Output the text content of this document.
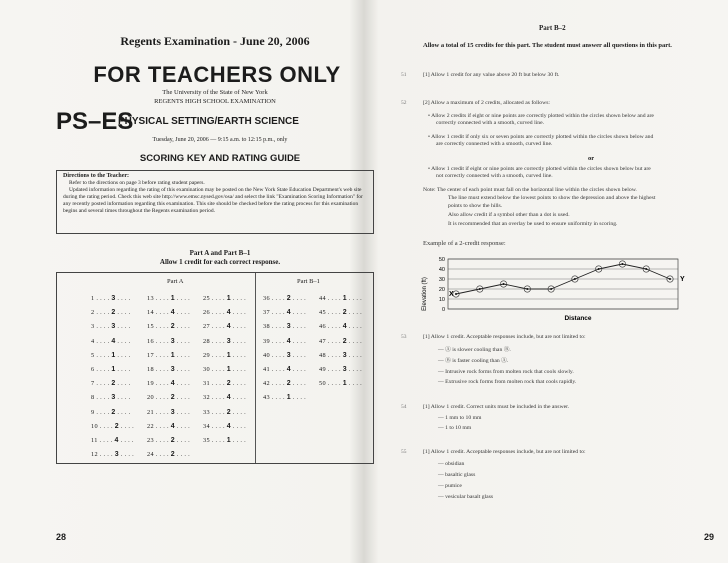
Regents Examination - June 20, 2006
FOR TEACHERS ONLY
The University of the State of New York
REGENTS HIGH SCHOOL EXAMINATION
PS–ES
PHYSICAL SETTING/EARTH SCIENCE
Tuesday, June 20, 2006 — 9:15 a.m. to 12:15 p.m., only
SCORING KEY AND RATING GUIDE

Directions to the Teacher:

Refer to the directions on page 3 before rating student papers.

Updated information regarding the rating of this examination may be posted on the New York State Education Department's web site during the rating period. Check this web site http://www.emsc.nysed.gov/osa/ and select the link "Examination Scoring Information" for any recently posted information regarding this examination. This site should be checked before the rating process for this examination begins and several times throughout the Regents examination period.

Part A and Part B–1
Allow 1 credit for each correct response.
Part A	Part B–1
1 . . . . 3 . . . .
2 . . . . 2 . . . .
3 . . . . 3 . . . .
4 . . . . 4 . . . .
5 . . . . 1 . . . .
6 . . . . 1 . . . .
7 . . . . 2 . . . .
8 . . . . 3 . . . .
9 . . . . 2 . . . .
10 . . . . 2 . . . .
11 . . . . 4 . . . .
12 . . . . 3 . . . .
13 . . . . 1 . . . .
14 . . . . 4 . . . .
15 . . . . 2 . . . .
16 . . . . 3 . . . .
17 . . . . 1 . . . .
18 . . . . 3 . . . .
19 . . . . 4 . . . .
20 . . . . 2 . . . .
21 . . . . 3 . . . .
22 . . . . 4 . . . .
23 . . . . 2 . . . .
24 . . . . 2 . . . .
25 . . . . 1 . . . .
26 . . . . 4 . . . .
27 . . . . 4 . . . .
28 . . . . 3 . . . .
29 . . . . 1 . . . .
30 . . . . 1 . . . .
31 . . . . 2 . . . .
32 . . . . 4 . . . .
33 . . . . 2 . . . .
34 . . . . 4 . . . .
35 . . . . 1 . . . .
36 . . . . 2 . . . .
37 . . . . 4 . . . .
38 . . . . 3 . . . .
39 . . . . 4 . . . .
40 . . . . 3 . . . .
41 . . . . 4 . . . .
42 . . . . 2 . . . .
43 . . . . 1 . . . .
44 . . . . 1 . . . .
45 . . . . 2 . . . .
46 . . . . 4 . . . .
47 . . . . 2 . . . .
48 . . . . 3 . . . .
49 . . . . 3 . . . .
50 . . . . 1 . . . .
28
Part B–2
Allow a total of 15 credits for this part. The student must answer all questions in this part.
51	[1] Allow 1 credit for any value above 20 ft but below 30 ft.
52	[2] Allow a maximum of 2 credits, allocated as follows:
• Allow 2 credits if eight or nine points are correctly plotted within the circles shown below and are
correctly connected with a smooth, curved line.
• Allow 1 credit if only six or seven points are correctly plotted within the circles shown below and
are correctly connected with a smooth, curved line.
or
• Allow 1 credit if eight or nine points are correctly plotted within the circles shown below but are
not correctly connected with a smooth, curved line.
Note: The center of each point must fall on the horizontal line within the circles shown below.
The line must extend below the lowest points to show the depression and above the highest
points to show the hills.
Also allow credit if a symbol other than a dot is used.
It is recommended that an overlay be used to ensure uniformity in scoring.
Example of a 2-credit response:
Elevation (ft)
Distance
X
Y
0
10
20
30
40
50
53	[1] Allow 1 credit. Acceptable responses include, but are not limited to:
— Ⓐ is slower cooling than Ⓑ.
— Ⓑ is faster cooling than Ⓐ.
— Intrusive rock forms from molten rock that cools slowly.
— Extrusive rock forms from molten rock that cools rapidly.
54	[1] Allow 1 credit. Correct units must be included in the answer.
— 1 mm to 10 mm
— 1 to 10 mm
55	[1] Allow 1 credit. Acceptable responses include, but are not limited to:
— obsidian
— basaltic glass
— pumice
— vesicular basalt glass
29
